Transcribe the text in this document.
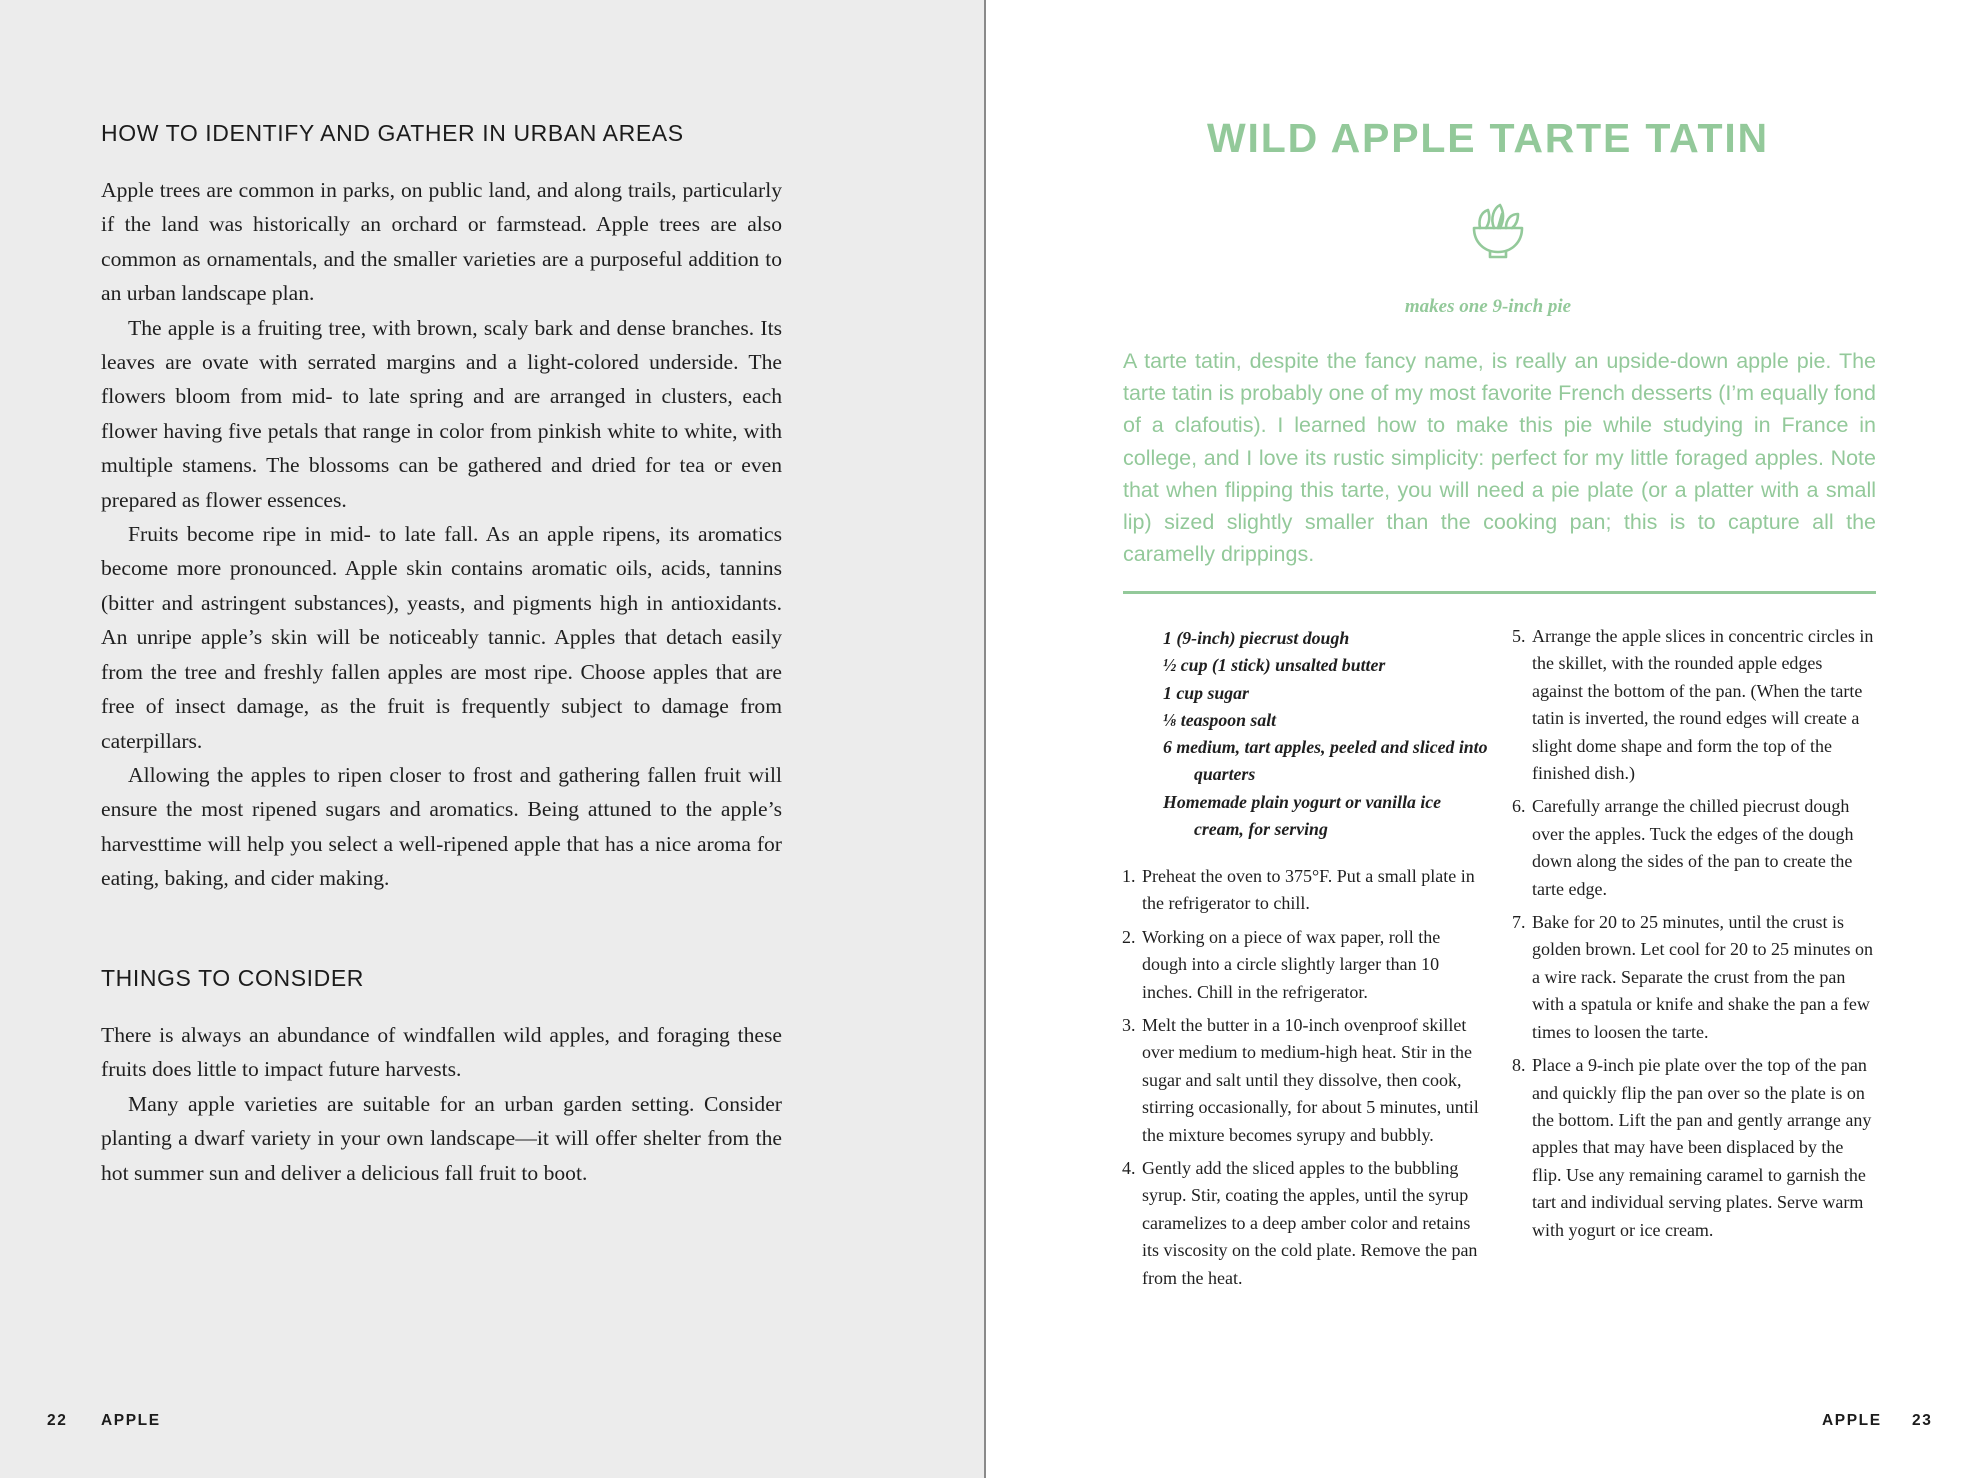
HOW TO IDENTIFY AND GATHER IN URBAN AREAS

Apple trees are common in parks, on public land, and along trails, particularly if the land was historically an orchard or farmstead. Apple trees are also common as ornamentals, and the smaller varieties are a purposeful addition to an urban landscape plan.

The apple is a fruiting tree, with brown, scaly bark and dense branches. Its leaves are ovate with serrated margins and a light-colored underside. The flowers bloom from mid- to late spring and are arranged in clusters, each flower having five petals that range in color from pinkish white to white, with multiple stamens. The blossoms can be gathered and dried for tea or even prepared as flower essences.

Fruits become ripe in mid- to late fall. As an apple ripens, its aromatics become more pronounced. Apple skin contains aromatic oils, acids, tannins (bitter and astringent substances), yeasts, and pigments high in antioxidants. An unripe apple’s skin will be noticeably tannic. Apples that detach easily from the tree and freshly fallen apples are most ripe. Choose apples that are free of insect damage, as the fruit is frequently subject to damage from caterpillars.

Allowing the apples to ripen closer to frost and gathering fallen fruit will ensure the most ripened sugars and aromatics. Being attuned to the apple’s harvesttime will help you select a well-ripened apple that has a nice aroma for eating, baking, and cider making.

THINGS TO CONSIDER

There is always an abundance of windfallen wild apples, and foraging these fruits does little to impact future harvests.

Many apple varieties are suitable for an urban garden setting. Consider planting a dwarf variety in your own landscape—it will offer shelter from the hot summer sun and deliver a delicious fall fruit to boot.

22 APPLE
WILD APPLE TARTE TATIN
makes one 9-inch pie

A tarte tatin, despite the fancy name, is really an upside-down apple pie. The tarte tatin is probably one of my most favorite French desserts (I’m equally fond of a clafoutis). I learned how to make this pie while studying in France in college, and I love its rustic simplicity: perfect for my little foraged apples. Note that when flipping this tarte, you will need a pie plate (or a platter with a small lip) sized slightly smaller than the cooking pan; this is to capture all the caramelly drippings.

1 (9-inch) piecrust dough
½ cup (1 stick) unsalted butter
1 cup sugar
⅛ teaspoon salt
6 medium, tart apples, peeled and sliced into quarters
Homemade plain yogurt or vanilla ice cream, for serving
1. Preheat the oven to 375°F. Put a small plate in the refrigerator to chill.
2. Working on a piece of wax paper, roll the dough into a circle slightly larger than 10 inches. Chill in the refrigerator.
3. Melt the butter in a 10-inch ovenproof skillet over medium to medium-high heat. Stir in the sugar and salt until they dissolve, then cook, stirring occasionally, for about 5 minutes, until the mixture becomes syrupy and bubbly.
4. Gently add the sliced apples to the bubbling syrup. Stir, coating the apples, until the syrup caramelizes to a deep amber color and retains its viscosity on the cold plate. Remove the pan from the heat.
5. Arrange the apple slices in concentric circles in the skillet, with the rounded apple edges against the bottom of the pan. (When the tarte tatin is inverted, the round edges will create a slight dome shape and form the top of the finished dish.)
6. Carefully arrange the chilled piecrust dough over the apples. Tuck the edges of the dough down along the sides of the pan to create the tarte edge.
7. Bake for 20 to 25 minutes, until the crust is golden brown. Let cool for 20 to 25 minutes on a wire rack. Separate the crust from the pan with a spatula or knife and shake the pan a few times to loosen the tarte.
8. Place a 9-inch pie plate over the top of the pan and quickly flip the pan over so the plate is on the bottom. Lift the pan and gently arrange any apples that may have been displaced by the flip. Use any remaining caramel to garnish the tart and individual serving plates. Serve warm with yogurt or ice cream.
APPLE 23
